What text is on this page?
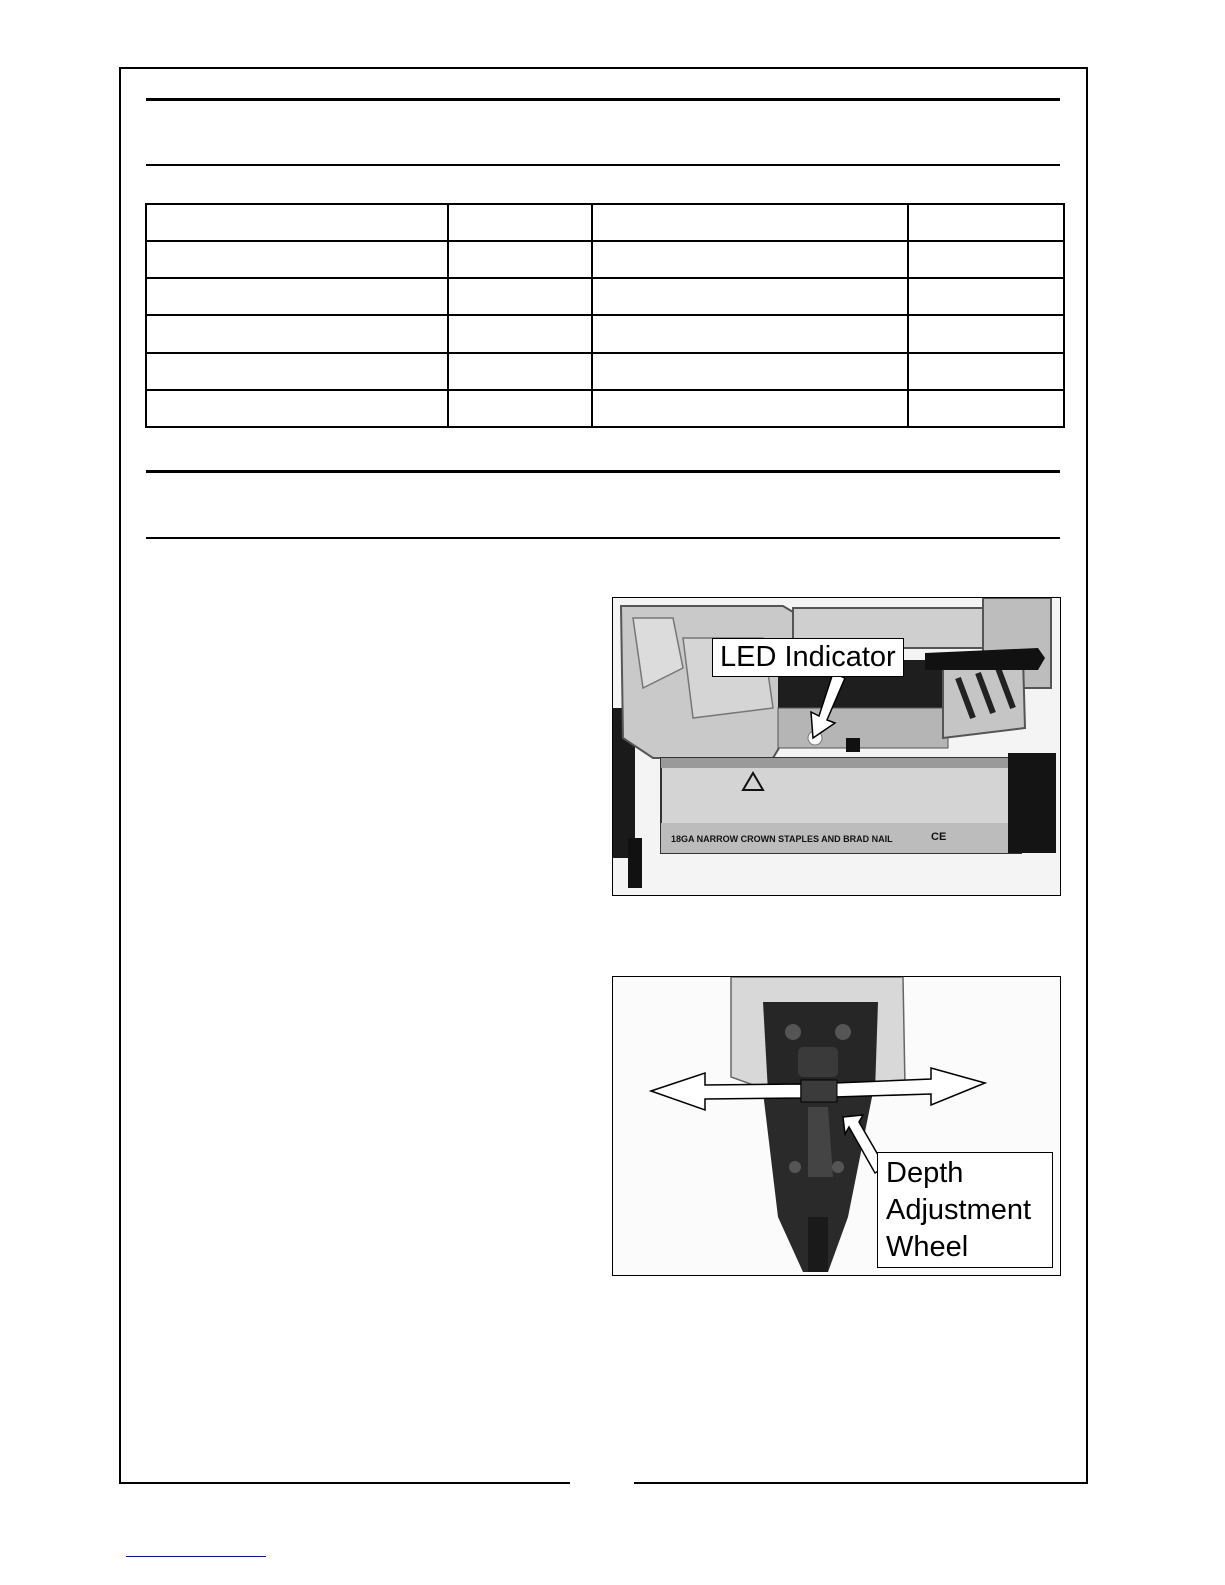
18GA NARROW CROWN STAPLES AND BRAD NAIL	CE
LED Indicator
Depth
Adjustment
Wheel
